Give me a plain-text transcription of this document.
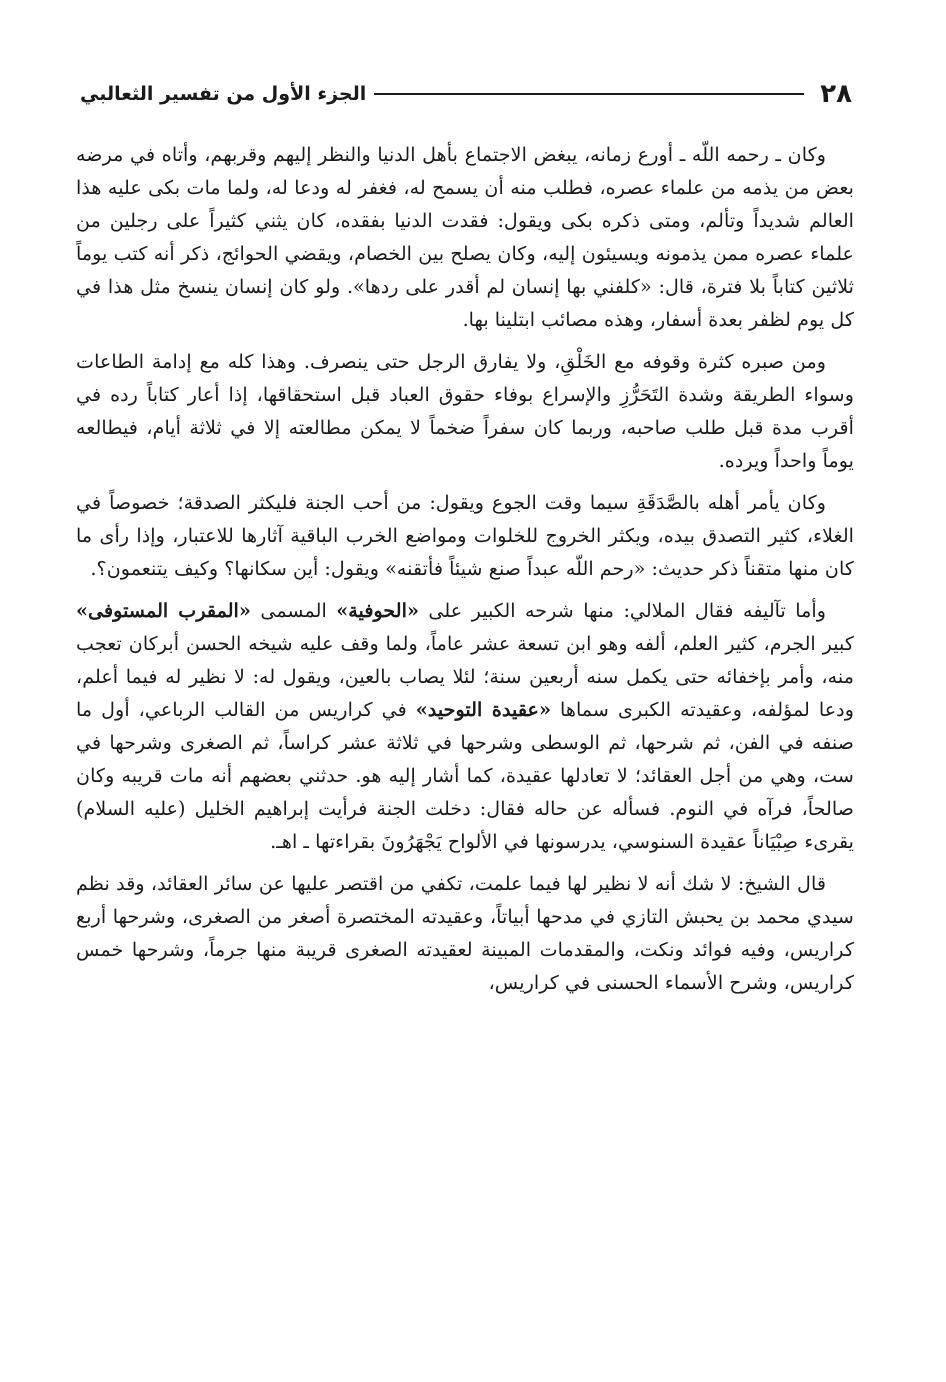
٢٨
الجزء الأول من تفسير الثعالبي

وكان ـ رحمه اللّه ـ أورع زمانه، يبغض الاجتماع بأهل الدنيا والنظر إليهم وقربهم، وأتاه في مرضه بعض من يذمه من علماء عصره، فطلب منه أن يسمح له، فغفر له ودعا له، ولما مات بكى عليه هذا العالم شديداً وتألم، ومتى ذكره بكى ويقول: فقدت الدنيا بفقده، كان يثني كثيراً على رجلين من علماء عصره ممن يذمونه ويسيئون إليه، وكان يصلح بين الخصام، ويقضي الحوائج، ذكر أنه كتب يوماً ثلاثين كتاباً بلا فترة، قال: «كلفني بها إنسان لم أقدر على ردها». ولو كان إنسان ينسخ مثل هذا في كل يوم لظفر بعدة أسفار، وهذه مصائب ابتلينا بها.

ومن صبره كثرة وقوفه مع الخَلْقِ، ولا يفارق الرجل حتى ينصرف. وهذا كله مع إدامة الطاعات وسواء الطريقة وشدة التَحَرُّزِ والإسراع بوفاء حقوق العباد قبل استحقاقها، إذا أعار كتاباً رده في أقرب مدة قبل طلب صاحبه، وربما كان سفراً ضخماً لا يمكن مطالعته إلا في ثلاثة أيام، فيطالعه يوماً واحداً ويرده.

وكان يأمر أهله بالصَّدَقَةِ سيما وقت الجوع ويقول: من أحب الجنة فليكثر الصدقة؛ خصوصاً في الغلاء، كثير التصدق بيده، ويكثر الخروج للخلوات ومواضع الخرب الباقية آثارها للاعتبار، وإذا رأى ما كان منها متقناً ذكر حديث: «رحم اللّه عبداً صنع شيئاً فأتقنه» ويقول: أين سكانها؟ وكيف يتنعمون؟.

وأما تآليفه فقال الملالي: منها شرحه الكبير على «الحوفية» المسمى «المقرب المستوفى» كبير الجرم، كثير العلم، ألفه وهو ابن تسعة عشر عاماً، ولما وقف عليه شيخه الحسن أبركان تعجب منه، وأمر بإخفائه حتى يكمل سنه أربعين سنة؛ لئلا يصاب بالعين، ويقول له: لا نظير له فيما أعلم، ودعا لمؤلفه، وعقيدته الكبرى سماها «عقيدة التوحيد» في كراريس من القالب الرباعي، أول ما صنفه في الفن، ثم شرحها، ثم الوسطى وشرحها في ثلاثة عشر كراساً، ثم الصغرى وشرحها في ست، وهي من أجل العقائد؛ لا تعادلها عقيدة، كما أشار إليه هو. حدثني بعضهم أنه مات قريبه وكان صالحاً، فرآه في النوم. فسأله عن حاله فقال: دخلت الجنة فرأيت إبراهيم الخليل (عليه السلام) يقرىء صِبْيَاناً عقيدة السنوسي، يدرسونها في الألواح يَجْهَرُونَ بقراءتها ـ اهـ.

قال الشيخ: لا شك أنه لا نظير لها فيما علمت، تكفي من اقتصر عليها عن سائر العقائد، وقد نظم سيدي محمد بن يحبش التازي في مدحها أبياتاً، وعقيدته المختصرة أصغر من الصغرى، وشرحها أربع كراريس، وفيه فوائد ونكت، والمقدمات المبينة لعقيدته الصغرى قريبة منها جرماً، وشرحها خمس كراريس، وشرح الأسماء الحسنى في كراريس،
